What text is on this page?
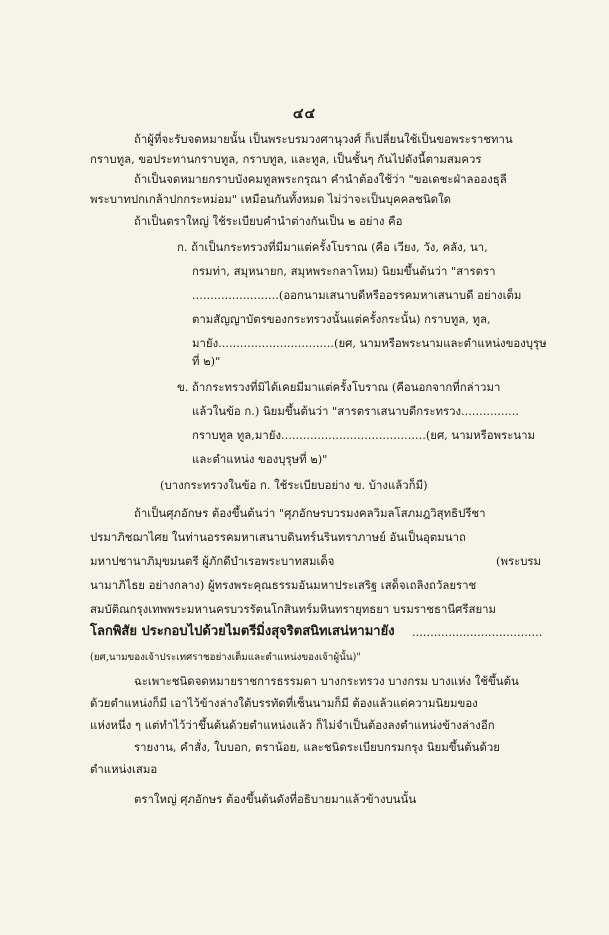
๔๔
ถ้าผู้ที่จะรับจดหมายนั้น เป็นพระบรมวงศานุวงศ์ ก็เปลี่ยนใช้เป็นขอพระราชทาน
กราบทูล, ขอประทานกราบทูล, กราบทูล, และทูล, เป็นชั้นๆ กันไปดังนี้ตามสมควร
ถ้าเป็นจดหมายกราบบังคมทูลพระกรุณา คำนำต้องใช้ว่า "ขอเดชะฝ่าลอองธุลี
พระบาทปกเกล้าปกกระหม่อม" เหมือนกันทั้งหมด ไม่ว่าจะเป็นบุคคลชนิดใด
ถ้าเป็นตราใหญ่ ใช้ระเบียบคำนำต่างกันเป็น ๒ อย่าง คือ
ก. ถ้าเป็นกระทรวงที่มีมาแต่ครั้งโบราณ (คือ เวียง, วัง, คลัง, นา,
กรมท่า, สมุหนายก, สมุหพระกลาโหม) นิยมขึ้นต้นว่า "สารตรา
........................(ออกนามเสนาบดีหรืออรรคมหาเสนาบดี อย่างเต็ม
ตามสัญญาบัตรของกระทรวงนั้นแต่ครั้งกระนั้น) กราบทูล, ทูล,
มายัง................................(ยศ, นามหรือพระนามและตำแหน่งของบุรุษ
ที่ ๒)"
ข. ถ้ากระทรวงที่มิได้เคยมีมาแต่ครั้งโบราณ (คือนอกจากที่กล่าวมา
แล้วในข้อ ก.) นิยมขึ้นต้นว่า "สารตราเสนาบดีกระทรวง................
กราบทูล ทูล,มายัง........................................(ยศ, นามหรือพระนาม
และตำแหน่ง ของบุรุษที่ ๒)"
(บางกระทรวงในข้อ ก. ใช้ระเบียบอย่าง ข. บ้างแล้วก็มี)
ถ้าเป็นศุภอักษร ต้องขึ้นต้นว่า "ศุภอักษรบวรมงคลวิมลโสภมฎวิสุทธิปรีชา
ปรมาภิชฌาไศย ในท่านอรรคมหาเสนาบดินทร์นรินทราภาษย์ อันเป็นอุตมนาถ
มหาปชานาภิมุขมนตรี ผู้ภักดีบำเรอพระบาทสมเด็จ	(พระบรม
นามาภิไธย อย่างกลาง) ผู้ทรงพระคุณธรรมอันมหาประเสริฐ เสด็จเถลิงถวัลยราช
สมบัติณกรุงเทพพระมหานครบวรรัตนโกสินทร์มหินทรายุทธยา บรมราชธานีศรีสยาม
โลกพิสัย ประกอบไปด้วยไมตรีมิ่งสุจริตสนิทเสน่หามายัง ....................................
(ยศ,นามของเจ้าประเทศราชอย่างเต็มและตำแหน่งของเจ้าผู้นั้น)"
ฉะเพาะชนิดจดหมายราชการธรรมดา บางกระทรวง บางกรม บางแห่ง ใช้ขึ้นต้น
ด้วยตำแหน่งก็มี เอาไว้ข้างล่างใต้บรรทัดที่เซ็นนามก็มี ต้องแล้วแต่ความนิยมของ
แห่งหนึ่ง ๆ แต่ทำไว้ว่าขึ้นต้นด้วยตำแหน่งแล้ว ก็ไม่จำเป็นต้องลงตำแหน่งข้างล่างอีก
รายงาน, คำสั่ง, ใบบอก, ตราน้อย, และชนิดระเบียบกรมกรุง นิยมขึ้นต้นด้วย
ตำแหน่งเสมอ
ตราใหญ่ ศุภอักษร ต้องขึ้นต้นดังที่อธิบายมาแล้วข้างบนนั้น
